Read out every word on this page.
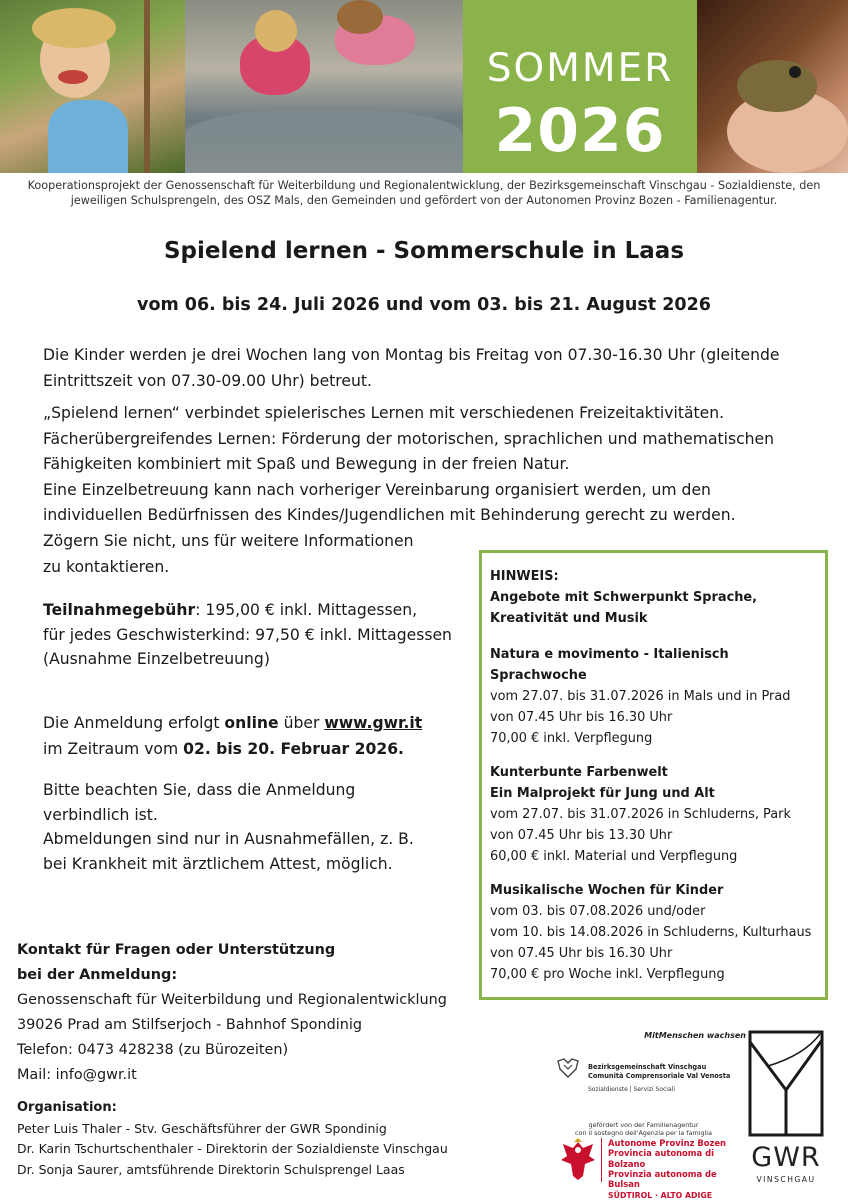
SOMMER
2026
Kooperationsprojekt der Genossenschaft für Weiterbildung und Regionalentwicklung, der Bezirksgemeinschaft Vinschgau - Sozialdienste, den jeweiligen Schulsprengeln, des OSZ Mals, den Gemeinden und gefördert von der Autonomen Provinz Bozen - Familienagentur.
Spielend lernen - Sommerschule in Laas
vom 06. bis 24. Juli 2026 und vom 03. bis 21. August 2026
Die Kinder werden je drei Wochen lang von Montag bis Freitag von 07.30-16.30 Uhr (gleitende Eintrittszeit von 07.30-09.00 Uhr) betreut.
„Spielend lernen“ verbindet spielerisches Lernen mit verschiedenen Freizeitaktivitäten.
Fächerübergreifendes Lernen: Förderung der motorischen, sprachlichen und mathematischen Fähigkeiten kombiniert mit Spaß und Bewegung in der freien Natur.
Eine Einzelbetreuung kann nach vorheriger Vereinbarung organisiert werden, um den individuellen Bedürfnissen des Kindes/Jugendlichen mit Behinderung gerecht zu werden.
Zögern Sie nicht, uns für weitere Informationen
zu kontaktieren.
Teilnahmegebühr: 195,00 € inkl. Mittagessen,
für jedes Geschwisterkind: 97,50 € inkl. Mittagessen
(Ausnahme Einzelbetreuung)
Die Anmeldung erfolgt online über www.gwr.it
im Zeitraum vom 02. bis 20. Februar 2026.
Bitte beachten Sie, dass die Anmeldung
verbindlich ist.
Abmeldungen sind nur in Ausnahmefällen, z. B.
bei Krankheit mit ärztlichem Attest, möglich.
HINWEIS:
Angebote mit Schwerpunkt Sprache,
Kreativität und Musik
Natura e movimento - Italienisch
Sprachwoche
vom 27.07. bis 31.07.2026 in Mals und in Prad
von 07.45 Uhr bis 16.30 Uhr
70,00 € inkl. Verpflegung
Kunterbunte Farbenwelt
Ein Malprojekt für Jung und Alt
vom 27.07. bis 31.07.2026 in Schluderns, Park
von 07.45 Uhr bis 13.30 Uhr
60,00 € inkl. Material und Verpflegung
Musikalische Wochen für Kinder
vom 03. bis 07.08.2026 und/oder
vom 10. bis 14.08.2026 in Schluderns, Kulturhaus
von 07.45 Uhr bis 16.30 Uhr
70,00 € pro Woche inkl. Verpflegung
Kontakt für Fragen oder Unterstützung
bei der Anmeldung:
Genossenschaft für Weiterbildung und Regionalentwicklung
39026 Prad am Stilfserjoch - Bahnhof Spondinig
Telefon: 0473 428238 (zu Bürozeiten)
Mail: info@gwr.it
Organisation:
Peter Luis Thaler - Stv. Geschäftsführer der GWR Spondinig
Dr. Karin Tschurtschenthaler - Direktorin der Sozialdienste Vinschgau
Dr. Sonja Saurer, amtsführende Direktorin Schulsprengel Laas
MitMenschen wachsen
Bezirksgemeinschaft Vinschgau
Comunità Comprensoriale Val Venosta
Sozialdienste | Servizi Sociali
gefördert von der Familienagentur
con il sostegno dell'Agenzia per la famiglia
Autonome Provinz Bozen
Provincia autonoma di Bolzano
Provinzia autonoma de Bulsan
SÜDTIROL · ALTO ADIGE
GWR
VINSCHGAU
